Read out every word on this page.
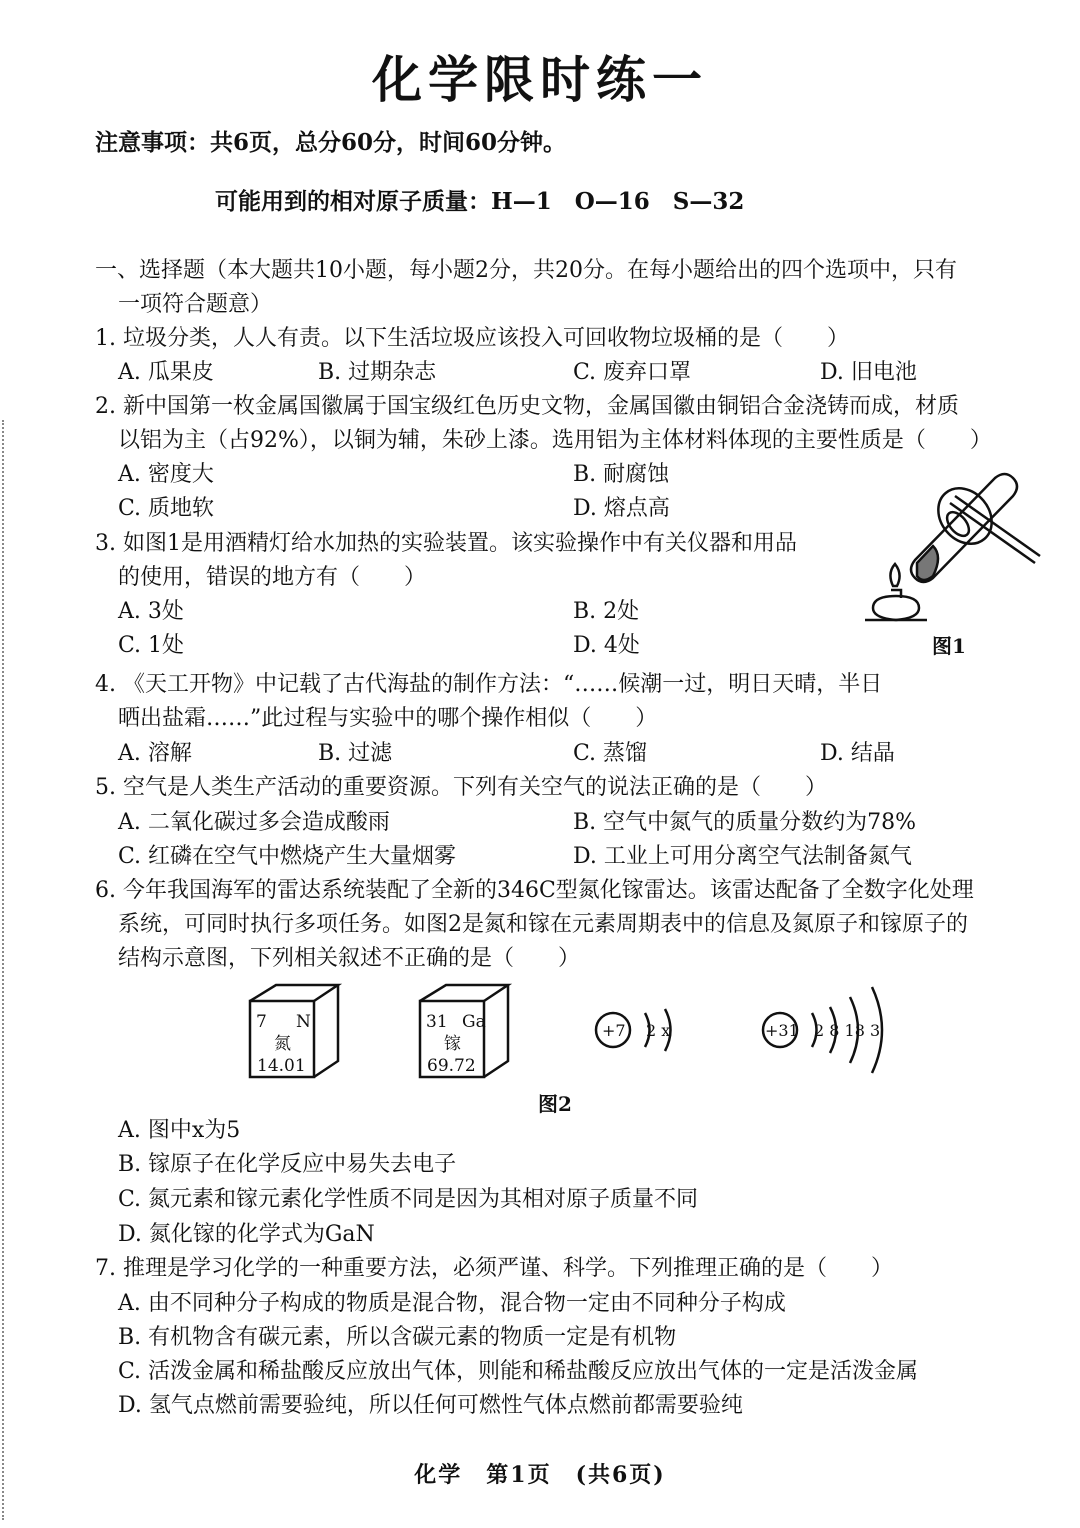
化学限时练一
注意事项：共6页，总分60分，时间60分钟。
可能用到的相对原子质量：H—1　O—16　S—32
一、选择题（本大题共10小题，每小题2分，共20分。在每小题给出的四个选项中，只有
一项符合题意）
1. 垃圾分类，人人有责。以下生活垃圾应该投入可回收物垃圾桶的是（　　）
A. 瓜果皮	B. 过期杂志	C. 废弃口罩	D. 旧电池
2. 新中国第一枚金属国徽属于国宝级红色历史文物，金属国徽由铜铝合金浇铸而成，材质
以铝为主（占92%），以铜为辅，朱砂上漆。选用铝为主体材料体现的主要性质是（　　）
A. 密度大	B. 耐腐蚀
C. 质地软	D. 熔点高
3. 如图1是用酒精灯给水加热的实验装置。该实验操作中有关仪器和用品
的使用，错误的地方有（　　）
A. 3处	B. 2处
C. 1处	D. 4处	图1
4. 《天工开物》中记载了古代海盐的制作方法：“……候潮一过，明日天晴，半日
晒出盐霜……”此过程与实验中的哪个操作相似（　　）
A. 溶解	B. 过滤	C. 蒸馏	D. 结晶
5. 空气是人类生产活动的重要资源。下列有关空气的说法正确的是（　　）
A. 二氧化碳过多会造成酸雨	B. 空气中氮气的质量分数约为78%
C. 红磷在空气中燃烧产生大量烟雾	D. 工业上可用分离空气法制备氮气
6. 今年我国海军的雷达系统装配了全新的346C型氮化镓雷达。该雷达配备了全数字化处理
系统，可同时执行多项任务。如图2是氮和镓在元素周期表中的信息及氮原子和镓原子的
结构示意图，下列相关叙述不正确的是（　　）
7 N
氮
14.01
31 Ga
镓
69.72
+7 2 x	+31 2 8 18 3
图2
A. 图中x为5
B. 镓原子在化学反应中易失去电子
C. 氮元素和镓元素化学性质不同是因为其相对原子质量不同
D. 氮化镓的化学式为GaN
7. 推理是学习化学的一种重要方法，必须严谨、科学。下列推理正确的是（　　）
A. 由不同种分子构成的物质是混合物，混合物一定由不同种分子构成
B. 有机物含有碳元素，所以含碳元素的物质一定是有机物
C. 活泼金属和稀盐酸反应放出气体，则能和稀盐酸反应放出气体的一定是活泼金属
D. 氢气点燃前需要验纯，所以任何可燃性气体点燃前都需要验纯
化学　第1页　(共6页)
